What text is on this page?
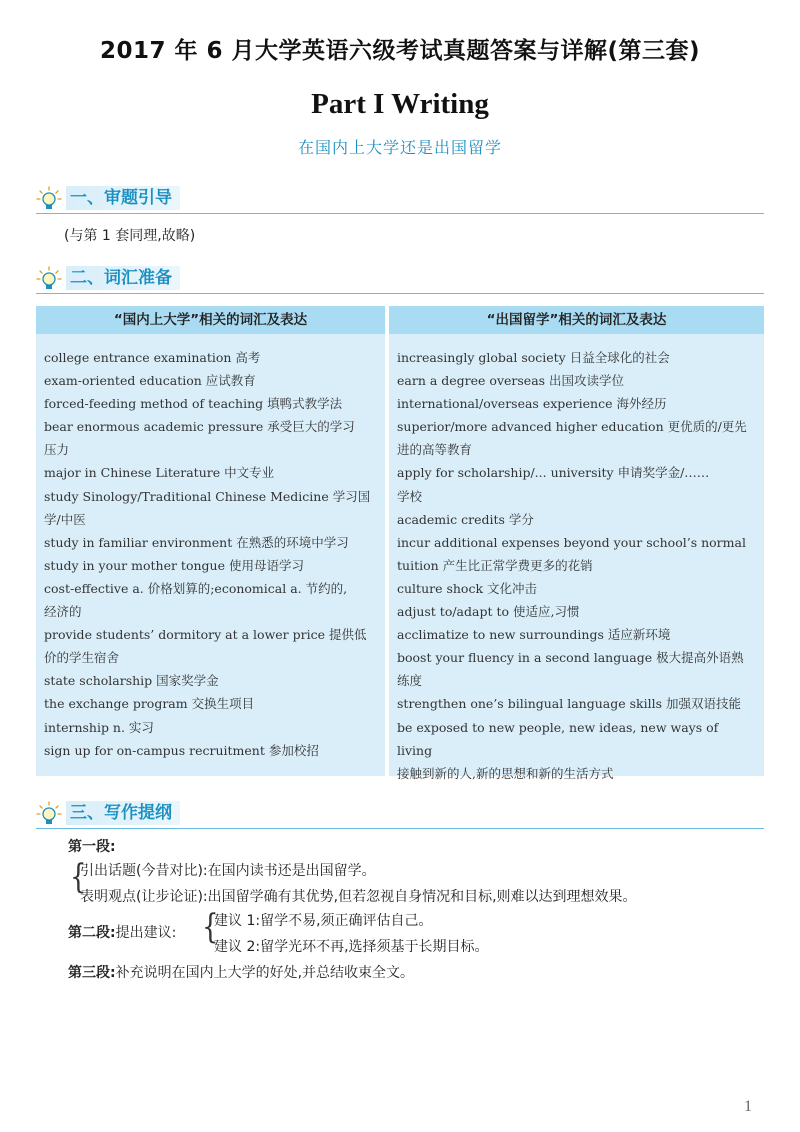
2017 年 6 月大学英语六级考试真题答案与详解(第三套)
Part I Writing
在国内上大学还是出国留学
一、审题引导
(与第 1 套同理,故略)
二、词汇准备
“国内上大学”相关的词汇及表达
college entrance examination 高考
exam-oriented education 应试教育
forced-feeding method of teaching 填鸭式教学法
bear enormous academic pressure 承受巨大的学习
压力
major in Chinese Literature 中文专业
study Sinology/Traditional Chinese Medicine 学习国
学/中医
study in familiar environment 在熟悉的环境中学习
study in your mother tongue 使用母语学习
cost-effective a. 价格划算的;economical a. 节约的,
经济的
provide students’ dormitory at a lower price 提供低
价的学生宿舍
state scholarship 国家奖学金
the exchange program 交换生项目
internship n. 实习
sign up for on-campus recruitment 参加校招
“出国留学”相关的词汇及表达
increasingly global society 日益全球化的社会
earn a degree overseas 出国攻读学位
international/overseas experience 海外经历
superior/more advanced higher education 更优质的/更先
进的高等教育
apply for scholarship/... university 申请奖学金/……
学校
academic credits 学分
incur additional expenses beyond your school’s normal
tuition 产生比正常学费更多的花销
culture shock 文化冲击
adjust to/adapt to 使适应,习惯
acclimatize to new surroundings 适应新环境
boost your fluency in a second language 极大提高外语熟
练度
strengthen one’s bilingual language skills 加强双语技能
be exposed to new people, new ideas, new ways of living
接触到新的人,新的思想和新的生活方式
三、写作提纲
第一段:
{
引出话题(今昔对比):在国内读书还是出国留学。
表明观点(让步论证):出国留学确有其优势,但若忽视自身情况和目标,则难以达到理想效果。
第二段:提出建议: {
建议 1:留学不易,须正确评估自己。
建议 2:留学光环不再,选择须基于长期目标。
第三段:补充说明在国内上大学的好处,并总结收束全文。
1
